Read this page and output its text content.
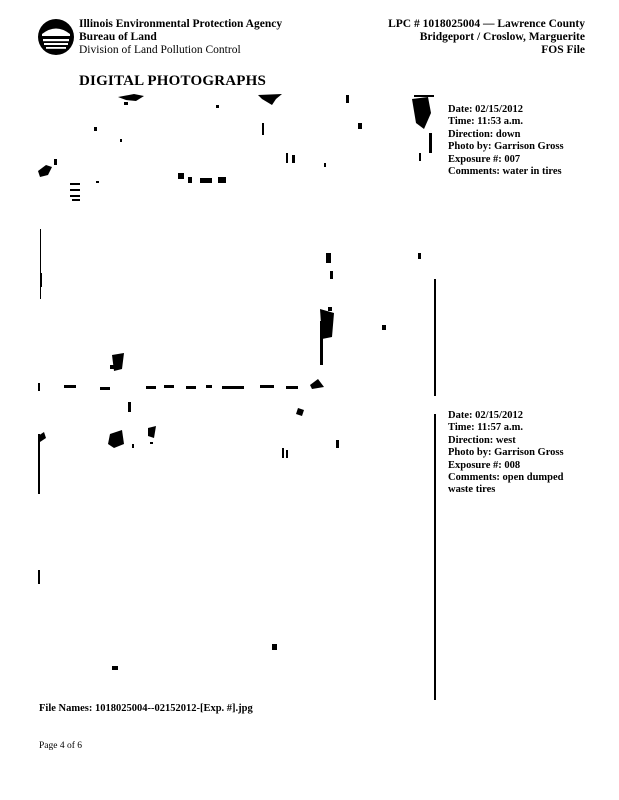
Illinois Environmental Protection Agency
Bureau of Land
Division of Land Pollution Control
LPC # 1018025004 — Lawrence County
Bridgeport / Croslow, Marguerite
FOS File
DIGITAL PHOTOGRAPHS
Date: 02/15/2012
Time: 11:53 a.m.
Direction: down
Photo by: Garrison Gross
Exposure #: 007
Comments: water in tires
Date: 02/15/2012
Time: 11:57 a.m.
Direction: west
Photo by: Garrison Gross
Exposure #: 008
Comments: open dumped
waste tires
File Names: 1018025004--02152012-[Exp. #].jpg
Page 4 of 6
